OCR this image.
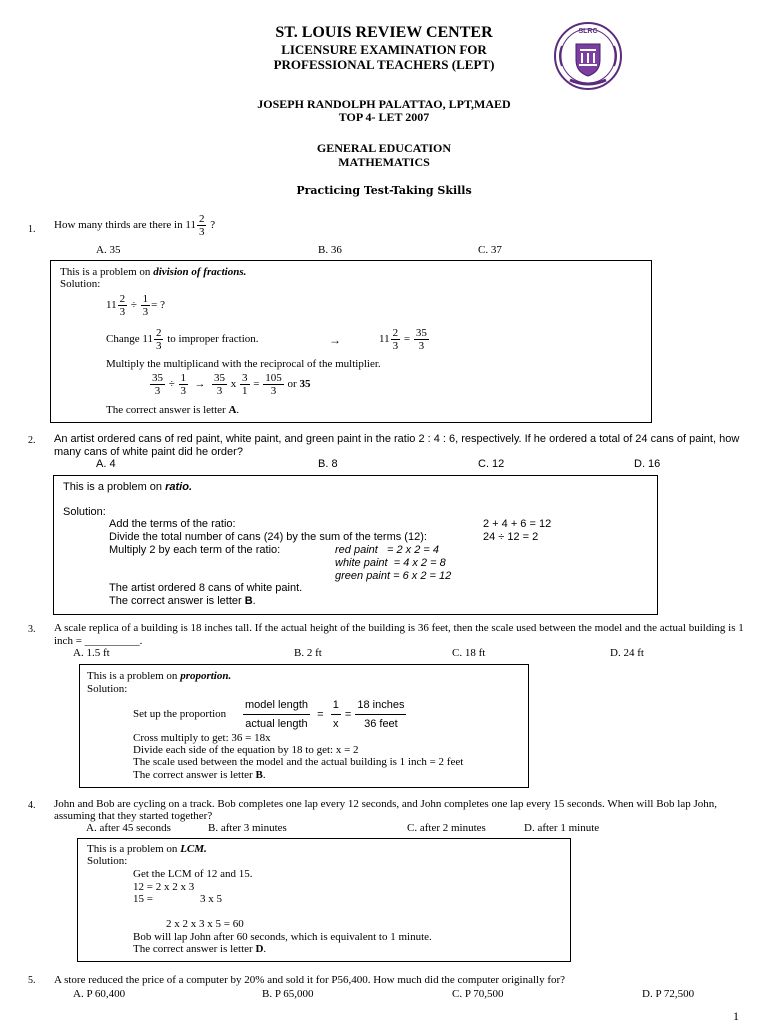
ST. LOUIS REVIEW CENTER
LICENSURE EXAMINATION FOR
PROFESSIONAL TEACHERS (LEPT)
JOSEPH RANDOLPH PALATTAO, LPT,MAED
TOP 4- LET 2007
GENERAL EDUCATION
MATHEMATICS
Practicing Test-Taking Skills
SLRC
1. How many thirds are there in $11 \frac{2}{3}$ ?
A. 35	B. 36	C. 37
This is a problem on division of fractions.
Solution:
$11 \frac{2}{3} \div \frac{1}{3}$ = ?
Change $11 \frac{2}{3}$ to improper fraction.	→	$11 \frac{2}{3} = \frac{35}{3}$
Multiply the multiplicand with the reciprocal of the multiplier.
$\frac{35}{3} \div \frac{1}{3} \to \frac{35}{3}$ x $\frac{3}{1} = \frac{105}{3}$ or 35
The correct answer is letter A.
2. An artist ordered cans of red paint, white paint, and green paint in the ratio 2 : 4 : 6, respectively. If he ordered a total of 24 cans of paint, how many cans of white paint did he order?
A. 4	B. 8	C. 12	D. 16
This is a problem on ratio.
Solution:
Add the terms of the ratio:	2 + 4 + 6 = 12
Divide the total number of cans (24) by the sum of the terms (12):	24 ÷ 12 = 2
Multiply 2 by each term of the ratio:	red paint = 2 x 2 = 4
white paint = 4 x 2 = 8
green paint = 6 x 2 = 12
The artist ordered 8 cans of white paint.
The correct answer is letter B.
3. A scale replica of a building is 18 inches tall. If the actual height of the building is 36 feet, then the scale used between the model and the actual building is 1 inch = __________.
A. 1.5 ft	B. 2 ft	C. 18 ft	D. 24 ft
This is a problem on proportion.
Solution:
Set up the proportion $\frac{\text{model length}}{\text{actual length}} = \frac{1}{x} = \frac{\text{18 inches}}{\text{36 feet}}$
Cross multiply to get: 36 = 18x
Divide each side of the equation by 18 to get: x = 2
The scale used between the model and the actual building is 1 inch = 2 feet
The correct answer is letter B.
4. John and Bob are cycling on a track. Bob completes one lap every 12 seconds, and John completes one lap every 15 seconds. When will Bob lap John, assuming that they started together?
A. after 45 seconds	B. after 3 minutes	C. after 2 minutes	D. after 1 minute
This is a problem on LCM.
Solution:
Get the LCM of 12 and 15.
12 = 2 x 2 x 3
15 =	3 x 5
2 x 2 x 3 x 5 = 60
Bob will lap John after 60 seconds, which is equivalent to 1 minute.
The correct answer is letter D.
5. A store reduced the price of a computer by 20% and sold it for P56,400. How much did the computer originally for?
A. P 60,400	B. P 65,000	C. P 70,500	D. P 72,500
1
